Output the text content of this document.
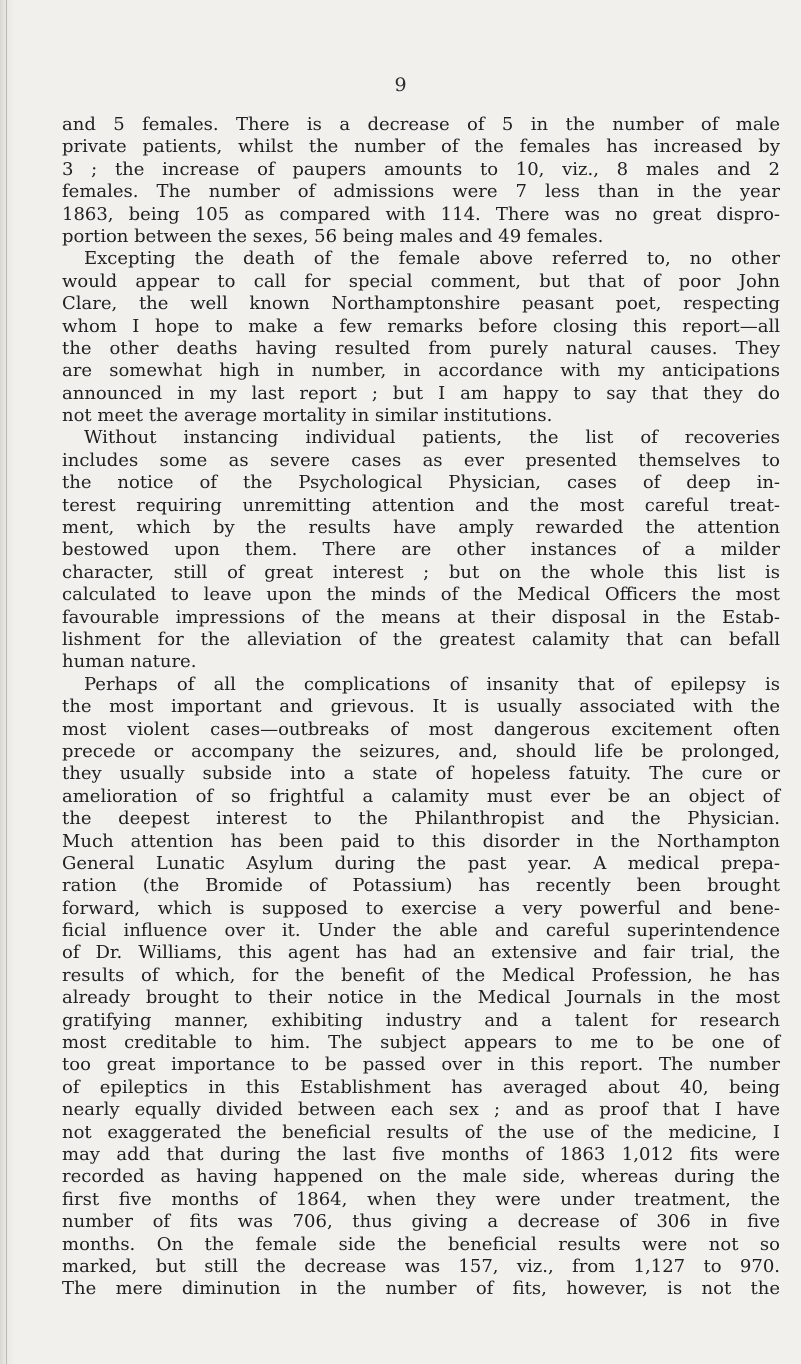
9
and 5 females. There is a decrease of 5 in the number of male
private patients, whilst the number of the females has increased by
3 ; the increase of paupers amounts to 10, viz., 8 males and 2
females. The number of admissions were 7 less than in the year
1863, being 105 as compared with 114. There was no great dispro-
portion between the sexes, 56 being males and 49 females.
Excepting the death of the female above referred to, no other
would appear to call for special comment, but that of poor John
Clare, the well known Northamptonshire peasant poet, respecting
whom I hope to make a few remarks before closing this report—all
the other deaths having resulted from purely natural causes. They
are somewhat high in number, in accordance with my anticipations
announced in my last report ; but I am happy to say that they do
not meet the average mortality in similar institutions.
Without instancing individual patients, the list of recoveries
includes some as severe cases as ever presented themselves to
the notice of the Psychological Physician, cases of deep in-
terest requiring unremitting attention and the most careful treat-
ment, which by the results have amply rewarded the attention
bestowed upon them. There are other instances of a milder
character, still of great interest ; but on the whole this list is
calculated to leave upon the minds of the Medical Officers the most
favourable impressions of the means at their disposal in the Estab-
lishment for the alleviation of the greatest calamity that can befall
human nature.
Perhaps of all the complications of insanity that of epilepsy is
the most important and grievous. It is usually associated with the
most violent cases—outbreaks of most dangerous excitement often
precede or accompany the seizures, and, should life be prolonged,
they usually subside into a state of hopeless fatuity. The cure or
amelioration of so frightful a calamity must ever be an object of
the deepest interest to the Philanthropist and the Physician.
Much attention has been paid to this disorder in the Northampton
General Lunatic Asylum during the past year. A medical prepa-
ration (the Bromide of Potassium) has recently been brought
forward, which is supposed to exercise a very powerful and bene-
ficial influence over it. Under the able and careful superintendence
of Dr. Williams, this agent has had an extensive and fair trial, the
results of which, for the benefit of the Medical Profession, he has
already brought to their notice in the Medical Journals in the most
gratifying manner, exhibiting industry and a talent for research
most creditable to him. The subject appears to me to be one of
too great importance to be passed over in this report. The number
of epileptics in this Establishment has averaged about 40, being
nearly equally divided between each sex ; and as proof that I have
not exaggerated the beneficial results of the use of the medicine, I
may add that during the last five months of 1863 1,012 fits were
recorded as having happened on the male side, whereas during the
first five months of 1864, when they were under treatment, the
number of fits was 706, thus giving a decrease of 306 in five
months. On the female side the beneficial results were not so
marked, but still the decrease was 157, viz., from 1,127 to 970.
The mere diminution in the number of fits, however, is not the
